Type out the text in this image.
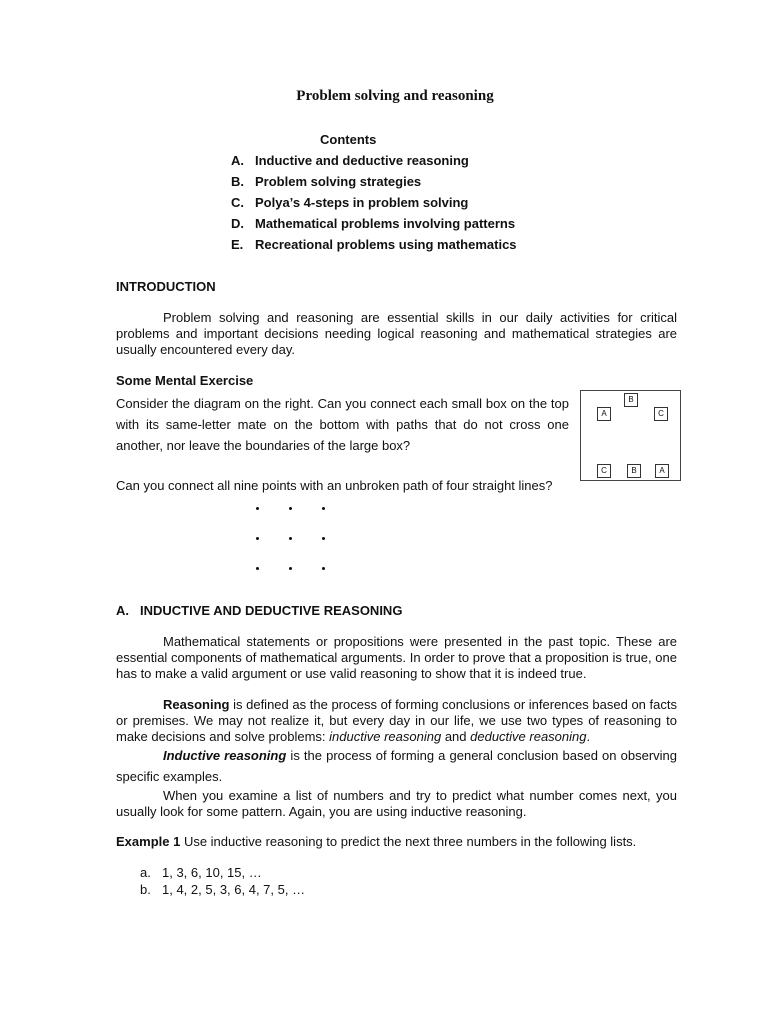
Problem solving and reasoning
Contents
A. Inductive and deductive reasoning
B. Problem solving strategies
C. Polya’s 4-steps in problem solving
D. Mathematical problems involving patterns
E. Recreational problems using mathematics
INTRODUCTION
Problem solving and reasoning are essential skills in our daily activities for critical problems and important decisions needing logical reasoning and mathematical strategies are usually encountered every day.
Some Mental Exercise
Consider the diagram on the right. Can you connect each small box on the top with its same-letter mate on the bottom with paths that do not cross one another, nor leave the boundaries of the large box?
A
B
C
C	B	A
Can you connect all nine points with an unbroken path of four straight lines?
A. INDUCTIVE AND DEDUCTIVE REASONING
Mathematical statements or propositions were presented in the past topic. These are essential components of mathematical arguments. In order to prove that a proposition is true, one has to make a valid argument or use valid reasoning to show that it is indeed true.
Reasoning is defined as the process of forming conclusions or inferences based on facts or premises. We may not realize it, but every day in our life, we use two types of reasoning to make decisions and solve problems: inductive reasoning and deductive reasoning.
Inductive reasoning is the process of forming a general conclusion based on observing specific examples.
When you examine a list of numbers and try to predict what number comes next, you usually look for some pattern. Again, you are using inductive reasoning.
Example 1 Use inductive reasoning to predict the next three numbers in the following lists.
a. 1, 3, 6, 10, 15, …
b. 1, 4, 2, 5, 3, 6, 4, 7, 5, …
